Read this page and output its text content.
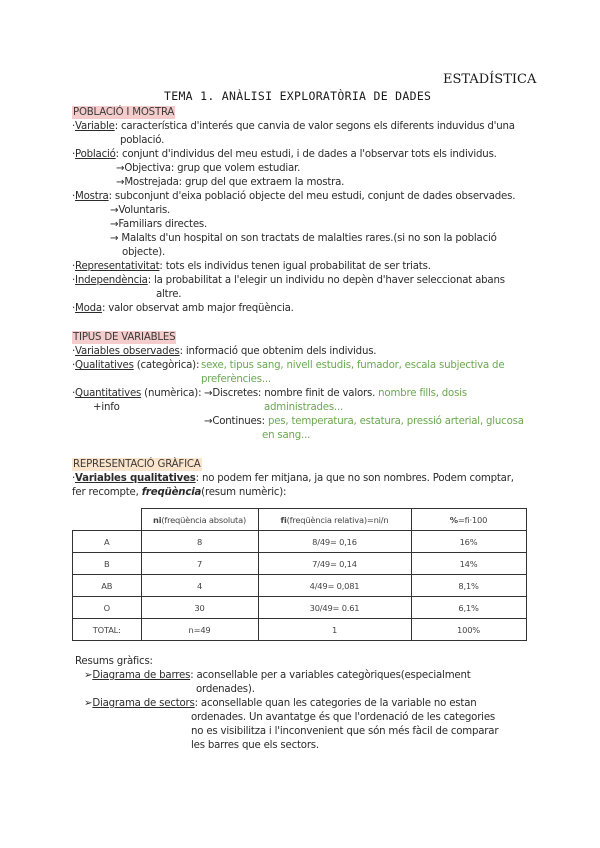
ESTADÍSTICA
TEMA 1. ANÀLISI EXPLORATÒRIA DE DADES
POBLACIÓ I MOSTRA
·Variable: característica d'interés que canvia de valor segons els diferents induvidus d'una
població.
·Població: conjunt d'individus del meu estudi, i de dades a l'observar tots els individus.
→Objectiva: grup que volem estudiar.
→Mostrejada: grup del que extraem la mostra.
·Mostra: subconjunt d'eixa població objecte del meu estudi, conjunt de dades observades.
→Voluntaris.
→Familiars directes.
→ Malalts d'un hospital on son tractats de malalties rares.(si no son la població
objecte).
·Representativitat: tots els individus tenen igual probabilitat de ser triats.
·Independència: la probabilitat a l'elegir un individu no depèn d'haver seleccionat abans
altre.
·Moda: valor observat amb major freqüència.
TIPUS DE VARIABLES
·Variables observades: informació que obtenim dels individus.
·Qualitatives (categòrica): sexe, tipus sang, nivell estudis, fumador, escala subjectiva de
preferències...
·Quantitatives (numèrica):
+info
→Discretes: nombre finit de valors. nombre fills, dosis
administrades...
→Continues: pes, temperatura, estatura, pressió arterial, glucosa
en sang...
REPRESENTACIÓ GRÀFICA
·Variables qualitatives: no podem fer mitjana, ja que no son nombres. Podem comptar,
fer recompte, freqüència(resum numèric):
	ni(freqüència absoluta)	fi(freqüència relativa)=ni/n	%=fi·100
A	8	8/49= 0,16	16%
B	7	7/49= 0,14	14%
AB	4	4/49= 0,081	8,1%
O	30	30/49= 0.61	6,1%
TOTAL:	n=49	1	100%
Resums gràfics:
➢Diagrama de barres: aconsellable per a variables categòriques(especialment
ordenades).
➢Diagrama de sectors: aconsellable quan les categories de la variable no estan
ordenades. Un avantatge és que l'ordenació de les categories
no es visibilitza i l'inconvenient que són més fàcil de comparar
les barres que els sectors.
